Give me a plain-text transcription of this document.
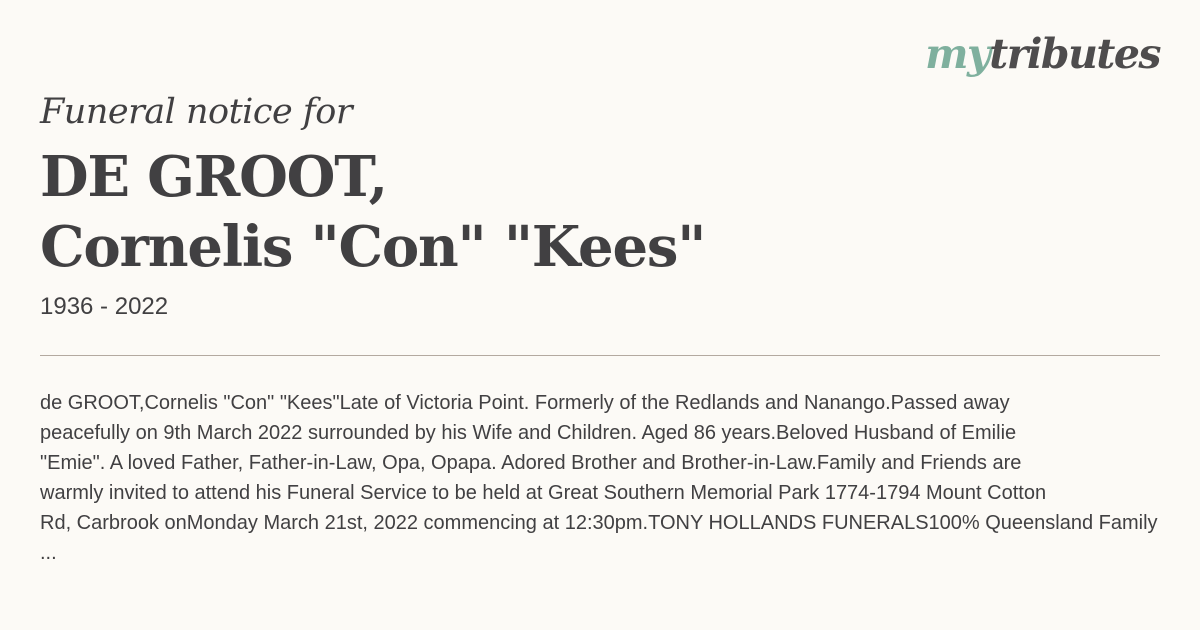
mytributes
Funeral notice for
DE GROOT,
Cornelis "Con" "Kees"
1936 - 2022
de GROOT,Cornelis "Con" "Kees"Late of Victoria Point. Formerly of the Redlands and Nanango.Passed away
peacefully on 9th March 2022 surrounded by his Wife and Children. Aged 86 years.Beloved Husband of Emilie
"Emie". A loved Father, Father-in-Law, Opa, Opapa. Adored Brother and Brother-in-Law.Family and Friends are
warmly invited to attend his Funeral Service to be held at Great Southern Memorial Park 1774-1794 Mount Cotton
Rd, Carbrook onMonday March 21st, 2022 commencing at 12:30pm.TONY HOLLANDS FUNERALS100% Queensland Family
...
